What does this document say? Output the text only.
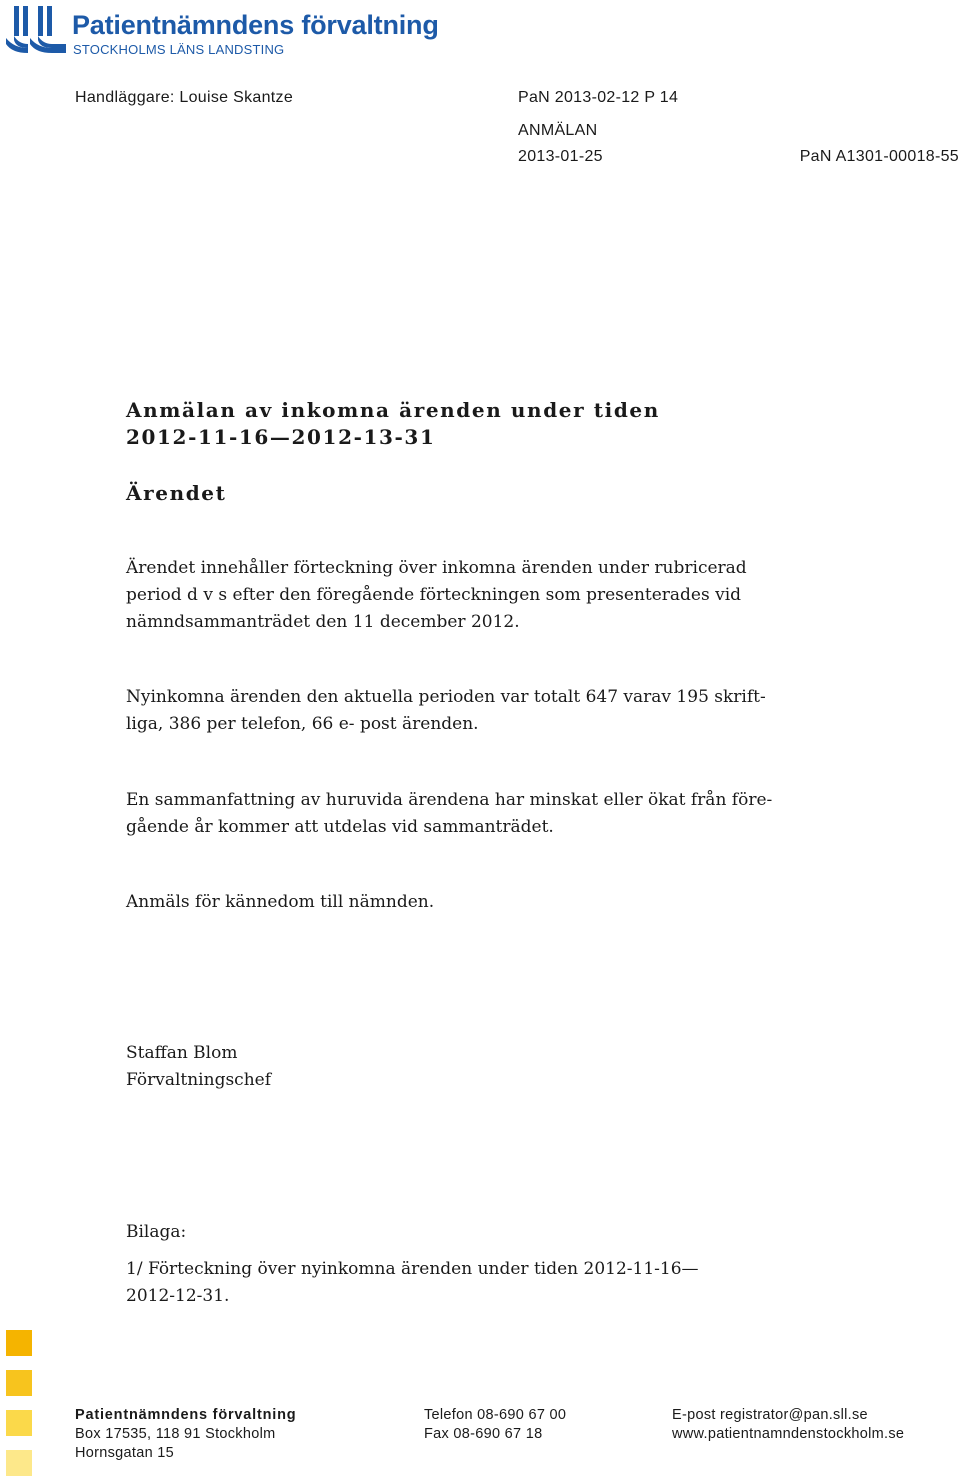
Patientnämndens förvaltning
STOCKHOLMS LÄNS LANDSTING
Handläggare: Louise Skantze	PaN 2013-02-12 P 14
ANMÄLAN
2013-01-25	PaN A1301-00018-55
Anmälan av inkomna ärenden under tiden
2012-11-16—2012-13-31
Ärendet
Ärendet innehåller förteckning över inkomna ärenden under rubricerad
period d v s efter den föregående förteckningen som presenterades vid
nämndsammanträdet den 11 december 2012.
Nyinkomna ärenden den aktuella perioden var totalt 647 varav 195 skrift-
liga, 386 per telefon, 66 e- post ärenden.
En sammanfattning av huruvida ärendena har minskat eller ökat från före-
gående år kommer att utdelas vid sammanträdet.
Anmäls för kännedom till nämnden.
Staffan Blom
Förvaltningschef
Bilaga:
1/ Förteckning över nyinkomna ärenden under tiden 2012-11-16—
2012-12-31.
Patientnämndens förvaltning
Box 17535, 118 91 Stockholm
Hornsgatan 15
Telefon 08-690 67 00
Fax 08-690 67 18
E-post registrator@pan.sll.se
www.patientnamndenstockholm.se
